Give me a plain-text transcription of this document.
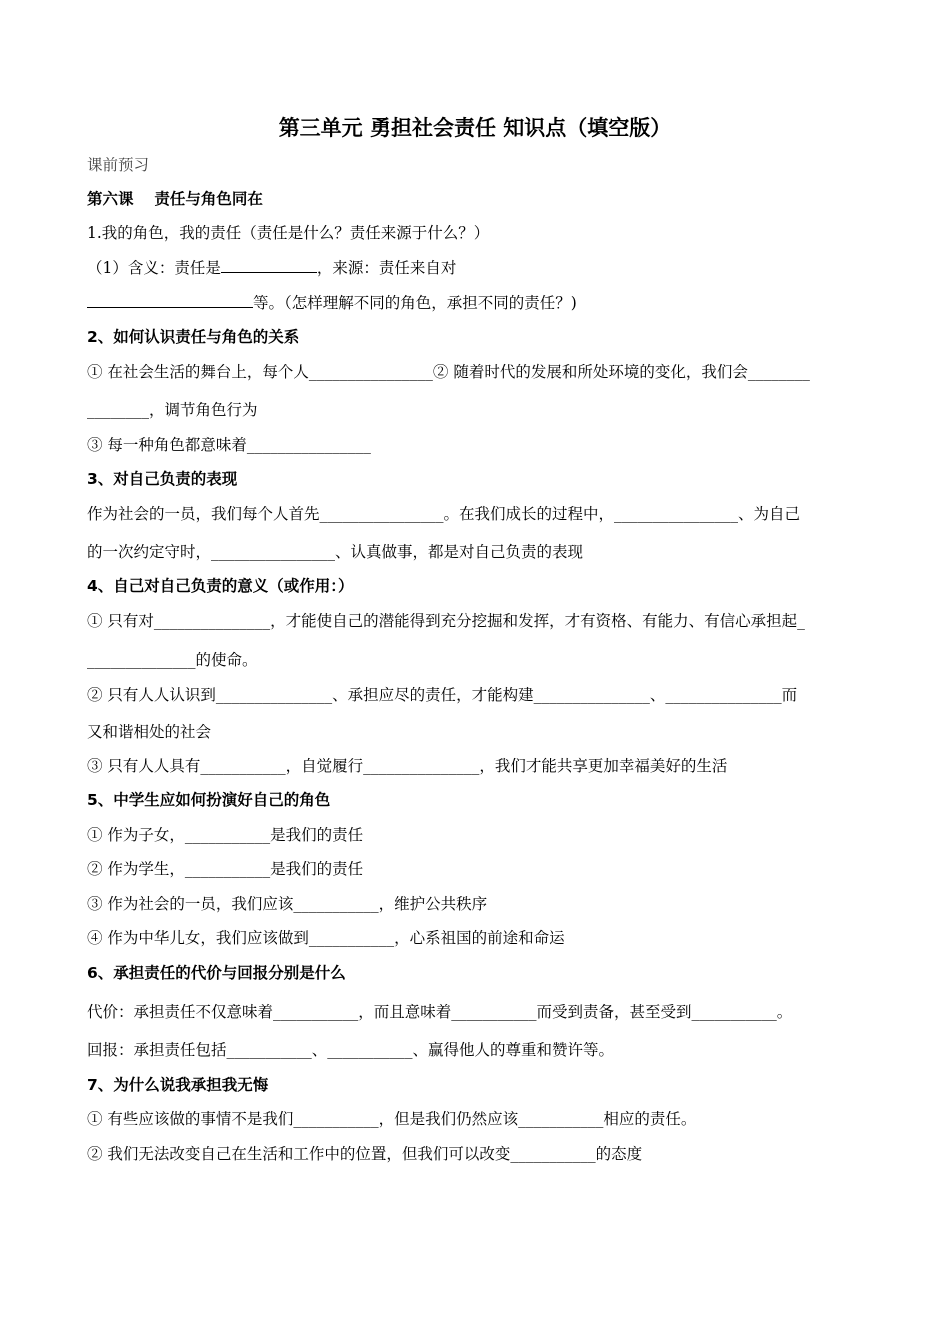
第三单元 勇担社会责任 知识点（填空版）
课前预习
第六课　 责任与角色同在
1.我的角色，我的责任（责任是什么？责任来源于什么？）
（1）含义：责任是	，来源：责任来自对
等。（怎样理解不同的角色，承担不同的责任？)
2、如何认识责任与角色的关系
① 在社会生活的舞台上，每个人________________② 随着时代的发展和所处环境的变化，我们会________
________，调节角色行为
③ 每一种角色都意味着________________
3、对自己负责的表现
作为社会的一员，我们每个人首先________________。在我们成长的过程中，________________、为自己
的一次约定守时，________________、认真做事，都是对自己负责的表现
4、自己对自己负责的意义（或作用：）
① 只有对_______________，才能使自己的潜能得到充分挖掘和发挥，才有资格、有能力、有信心承担起_
______________的使命。
② 只有人人认识到_______________、承担应尽的责任，才能构建_______________、_______________而
又和谐相处的社会
③ 只有人人具有___________，自觉履行_______________，我们才能共享更加幸福美好的生活
5、中学生应如何扮演好自己的角色
① 作为子女，___________是我们的责任
② 作为学生，___________是我们的责任
③ 作为社会的一员，我们应该___________，维护公共秩序
④ 作为中华儿女，我们应该做到___________，心系祖国的前途和命运
6、承担责任的代价与回报分别是什么
代价：承担责任不仅意味着___________，而且意味着___________而受到责备，甚至受到___________。
回报：承担责任包括___________、___________、赢得他人的尊重和赞许等。
7、为什么说我承担我无悔
① 有些应该做的事情不是我们___________，但是我们仍然应该___________相应的责任。
② 我们无法改变自己在生活和工作中的位置，但我们可以改变___________的态度
